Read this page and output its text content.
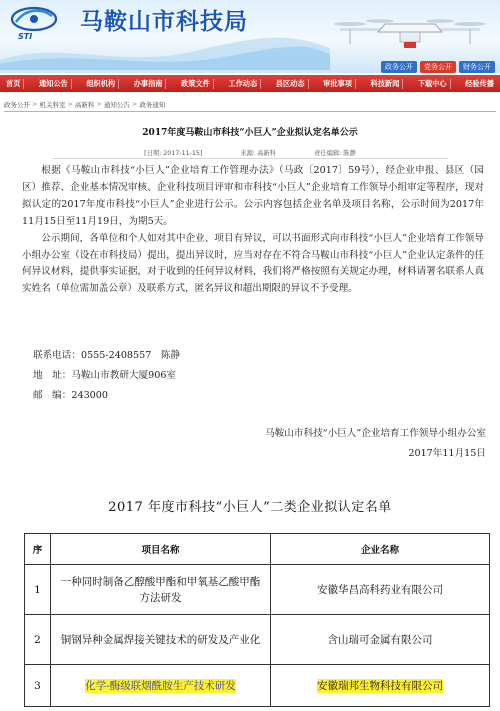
STI
马鞍山市科技局
政务公开	党务公开	财务公开
首页	通知公告	组织机构	办事指南	政策文件	工作动态	县区动态	审批事项	科技新闻	下载中心	经验传播
政务公开 > 机关科室 > 高新科 > 通知公告 > 政务通知
2017年度马鞍山市科技“小巨人”企业拟认定名单公示
[日期: 2017-11-15]	来源: 高新科	责任编辑: 陈静

根据《马鞍山市科技“小巨人”企业培育工作管理办法》（马政〔2017〕59号），经企业申报、县区（园区）推荐、企业基本情况审核、企业科技项目评审和市科技“小巨人”企业培育工作领导小组审定等程序，现对拟认定的2017年度市科技“小巨人”企业进行公示。公示内容包括企业名单及项目名称，公示时间为2017年11月15日至11月19日，为期5天。

公示期间，各单位和个人如对其中企业、项目有异议，可以书面形式向市科技“小巨人”企业培育工作领导小组办公室（设在市科技局）提出，提出异议时，应当对存在不符合马鞍山市科技“小巨人”企业认定条件的任何异议材料，提供事实证据，对于收到的任何异议材料，我们将严格按照有关规定办理，材料请署名联系人真实姓名（单位需加盖公章）及联系方式，匿名异议和超出期限的异议不予受理。

联系电话：0555-2408557　陈静
地　址：马鞍山市教研大厦906室
邮　编：243000
马鞍山市科技“小巨人”企业培育工作领导小组办公室
2017年11月15日
2017 年度市科技“小巨人”二类企业拟认定名单
序	项目名称	企业名称
1	一种同时制备乙醇酸甲酯和甲氧基乙酸甲酯方法研发	安徽华昌高科药业有限公司
2	铜钢异种金属焊接关键技术的研发及产业化	含山瑞可金属有限公司
3	化学-酶级联烟酰胺生产技术研发	安徽瑞邦生物科技有限公司
